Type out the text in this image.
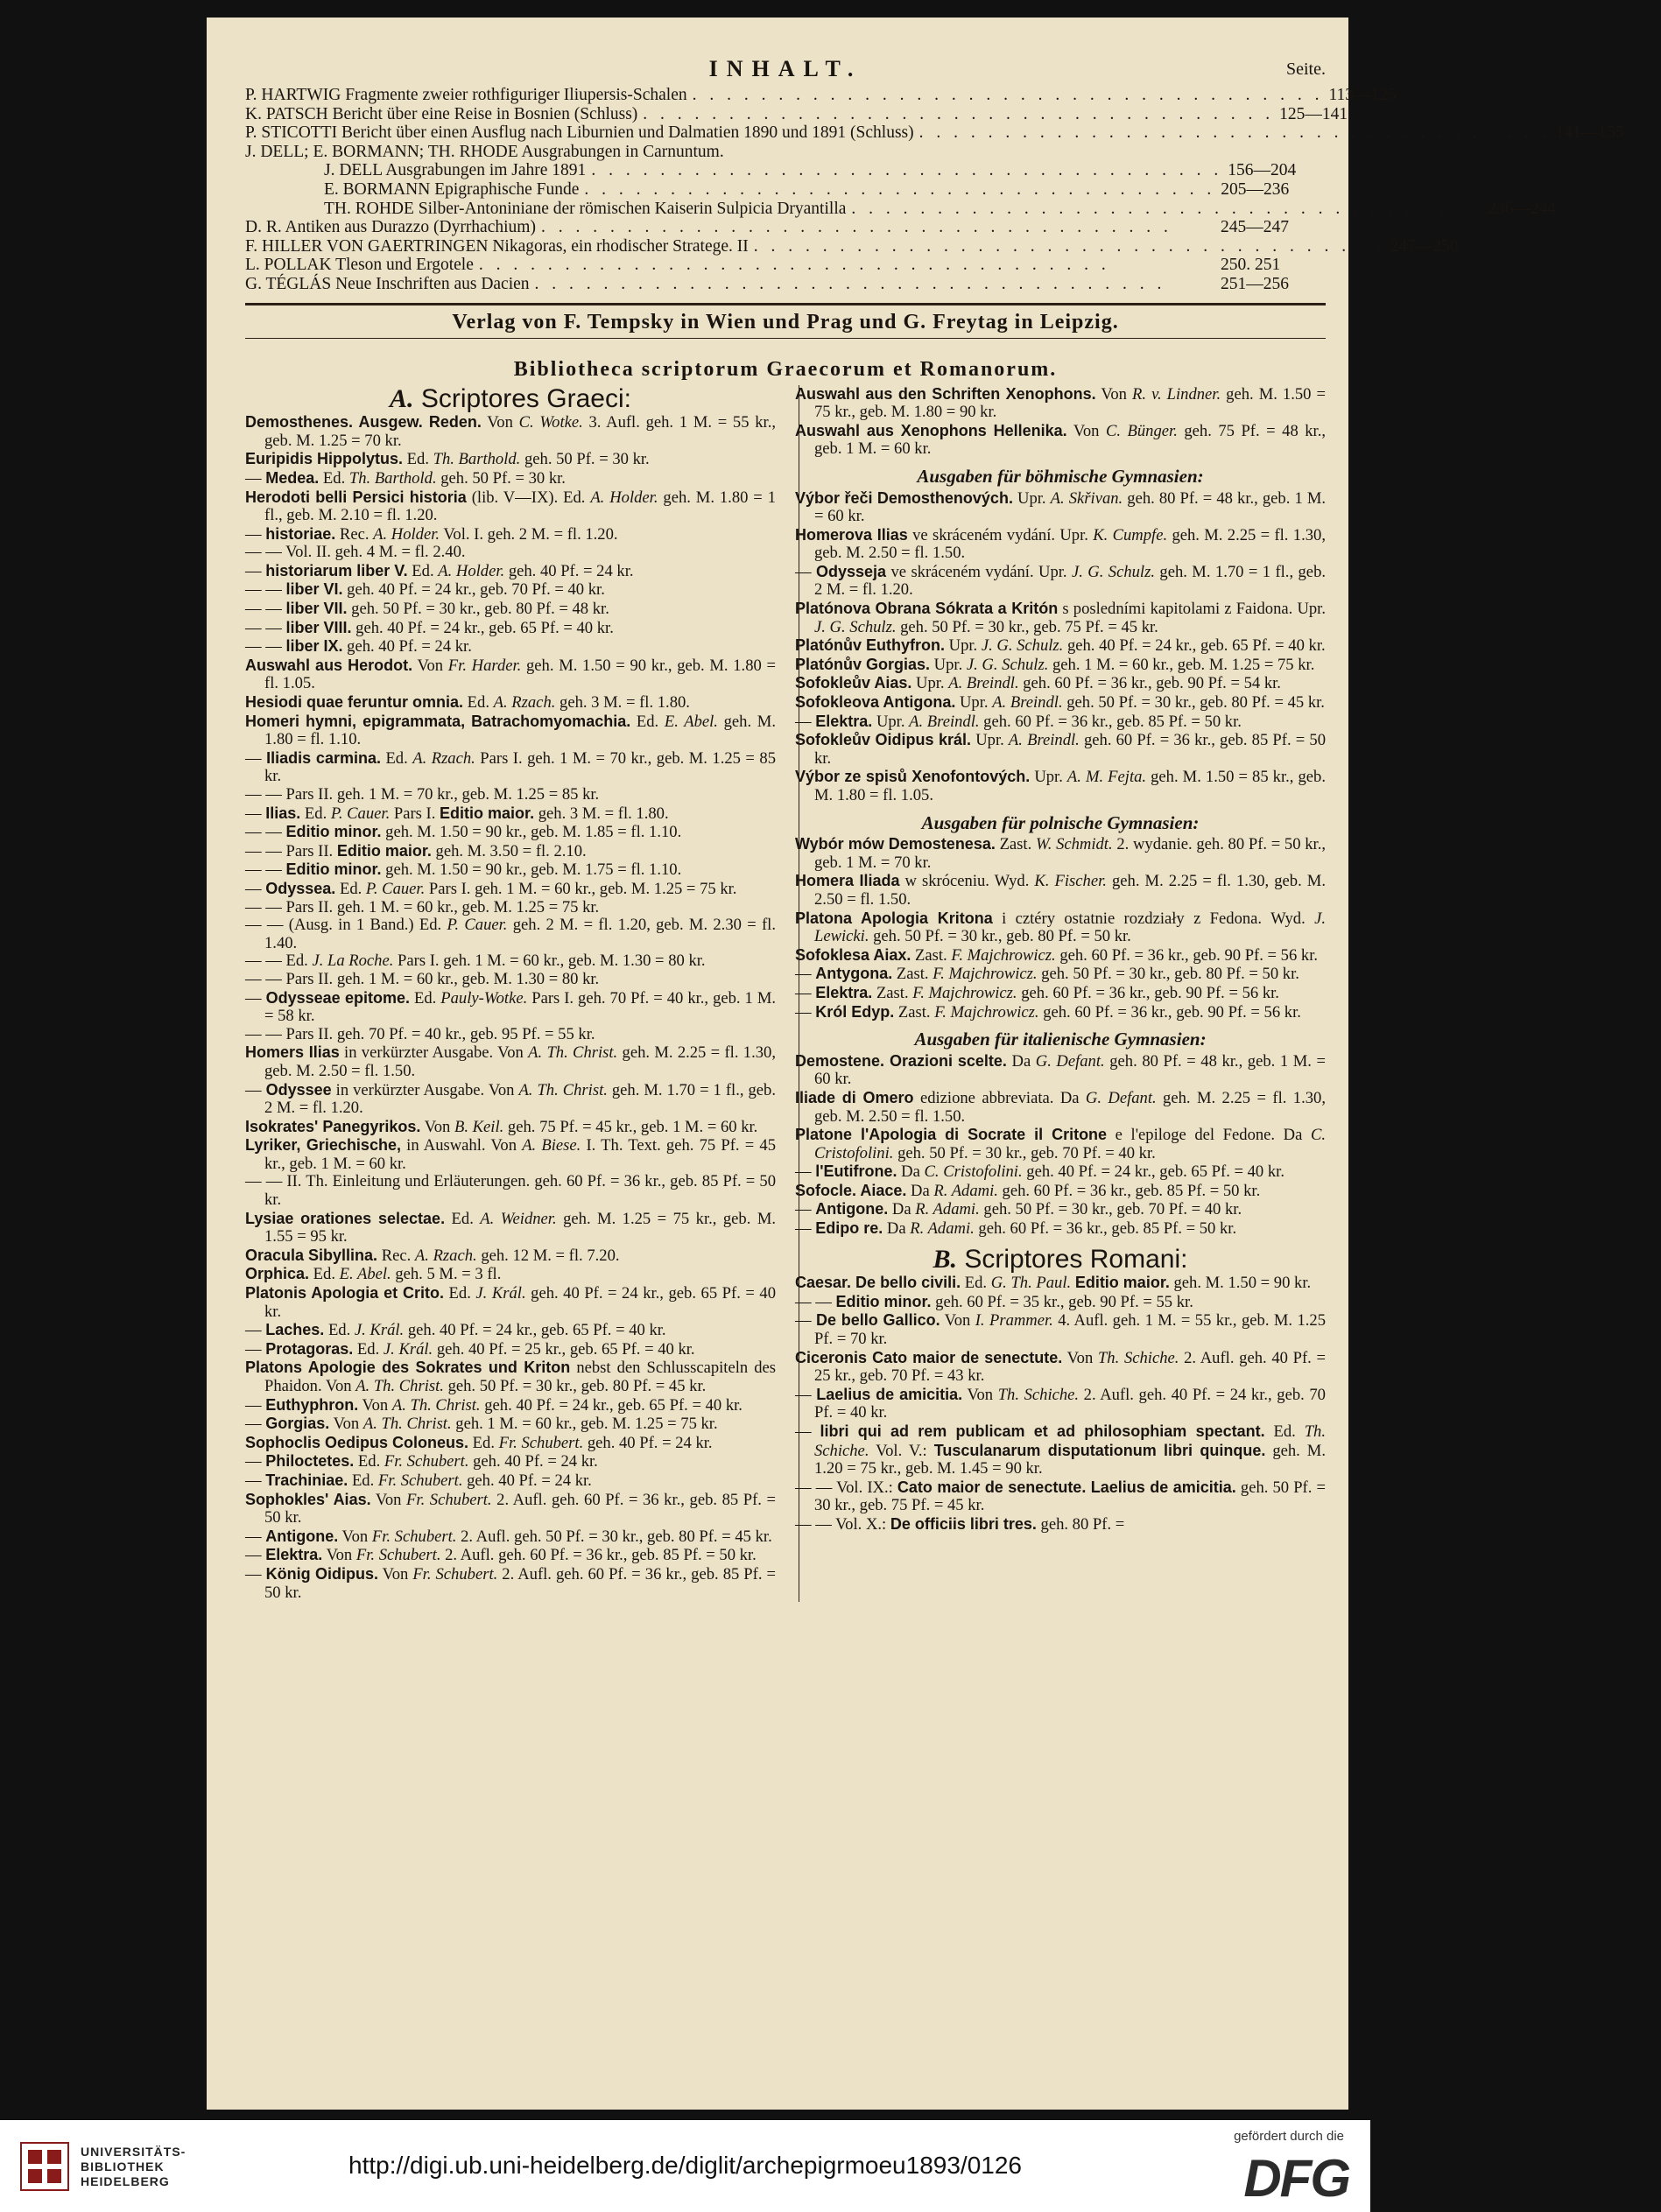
INHALT.	Seite.
P. HARTWIG Fragmente zweier rothfiguriger Iliupersis-Schalen . . . . . . . . . . . . . . . . . . . . . . . . . . . . . . . . . . . . . 113—125
K. PATSCH Bericht über eine Reise in Bosnien (Schluss) . . . . . . . . . . . . . . . . . . . . . . . . . . . . . . . . . . . . . 125—141
P. STICOTTI Bericht über einen Ausflug nach Liburnien und Dalmatien 1890 und 1891 (Schluss) . . . . . . . . . . . . . . . . . . . . . . . . . . . . . . . . . . . . . 141—155
J. DELL; E. BORMANN; TH. RHODE Ausgrabungen in Carnuntum.
J. DELL Ausgrabungen im Jahre 1891 . . . . . . . . . . . . . . . . . . . . . . . . . . . . . . . . . . . . . 156—204
E. BORMANN Epigraphische Funde . . . . . . . . . . . . . . . . . . . . . . . . . . . . . . . . . . . . . 205—236
TH. ROHDE Silber-Antoniniane der römischen Kaiserin Sulpicia Dryantilla . . . . . . . . . . . . . . . . . . . . . . . . . . . . . . . . . . . . . 236—244
D. R. Antiken aus Durazzo (Dyrrhachium) . . . . . . . . . . . . . . . . . . . . . . . . . . . . . . . . . . . . .	245—247
F. HILLER VON GAERTRINGEN Nikagoras, ein rhodischer Stratege. II . . . . . . . . . . . . . . . . . . . . . . . . . . . . . . . . . . . . . 247—250
L. POLLAK Tleson und Ergotele . . . . . . . . . . . . . . . . . . . . . . . . . . . . . . . . . . . . .	250. 251
G. TÉGLÁS Neue Inschriften aus Dacien . . . . . . . . . . . . . . . . . . . . . . . . . . . . . . . . . . . . .	251—256
Verlag von F. Tempsky in Wien und Prag und G. Freytag in Leipzig.
Bibliotheca scriptorum Graecorum et Romanorum.
A. Scriptores Graeci:

Demosthenes. Ausgew. Reden. Von C. Wotke. 3. Aufl. geh. 1 M. = 55 kr., geb. M. 1.25 = 70 kr.

Euripidis Hippolytus. Ed. Th. Barthold. geh. 50 Pf. = 30 kr.

— Medea. Ed. Th. Barthold. geh. 50 Pf. = 30 kr.

Herodoti belli Persici historia (lib. V—IX). Ed. A. Holder. geh. M. 1.80 = 1 fl., geb. M. 2.10 = fl. 1.20.

— historiae. Rec. A. Holder. Vol. I. geh. 2 M. = fl. 1.20.

— — Vol. II. geh. 4 M. = fl. 2.40.

— historiarum liber V. Ed. A. Holder. geh. 40 Pf. = 24 kr.

— — liber VI. geh. 40 Pf. = 24 kr., geb. 70 Pf. = 40 kr.

— — liber VII. geh. 50 Pf. = 30 kr., geb. 80 Pf. = 48 kr.

— — liber VIII. geh. 40 Pf. = 24 kr., geb. 65 Pf. = 40 kr.

— — liber IX. geh. 40 Pf. = 24 kr.

Auswahl aus Herodot. Von Fr. Harder. geh. M. 1.50 = 90 kr., geb. M. 1.80 = fl. 1.05.

Hesiodi quae feruntur omnia. Ed. A. Rzach. geh. 3 M. = fl. 1.80.

Homeri hymni, epigrammata, Batrachomyomachia. Ed. E. Abel. geh. M. 1.80 = fl. 1.10.

— Iliadis carmina. Ed. A. Rzach. Pars I. geh. 1 M. = 70 kr., geb. M. 1.25 = 85 kr.

— — Pars II. geh. 1 M. = 70 kr., geb. M. 1.25 = 85 kr.

— Ilias. Ed. P. Cauer. Pars I. Editio maior. geh. 3 M. = fl. 1.80.

— — Editio minor. geh. M. 1.50 = 90 kr., geb. M. 1.85 = fl. 1.10.

— — Pars II. Editio maior. geh. M. 3.50 = fl. 2.10.

— — Editio minor. geh. M. 1.50 = 90 kr., geb. M. 1.75 = fl. 1.10.

— Odyssea. Ed. P. Cauer. Pars I. geh. 1 M. = 60 kr., geb. M. 1.25 = 75 kr.

— — Pars II. geh. 1 M. = 60 kr., geb. M. 1.25 = 75 kr.

— — (Ausg. in 1 Band.) Ed. P. Cauer. geh. 2 M. = fl. 1.20, geb. M. 2.30 = fl. 1.40.

— — Ed. J. La Roche. Pars I. geh. 1 M. = 60 kr., geb. M. 1.30 = 80 kr.

— — Pars II. geh. 1 M. = 60 kr., geb. M. 1.30 = 80 kr.

— Odysseae epitome. Ed. Pauly-Wotke. Pars I. geh. 70 Pf. = 40 kr., geb. 1 M. = 58 kr.

— — Pars II. geh. 70 Pf. = 40 kr., geb. 95 Pf. = 55 kr.

Homers Ilias in verkürzter Ausgabe. Von A. Th. Christ. geh. M. 2.25 = fl. 1.30, geb. M. 2.50 = fl. 1.50.

— Odyssee in verkürzter Ausgabe. Von A. Th. Christ. geh. M. 1.70 = 1 fl., geb. 2 M. = fl. 1.20.

Isokrates' Panegyrikos. Von B. Keil. geh. 75 Pf. = 45 kr., geb. 1 M. = 60 kr.

Lyriker, Griechische, in Auswahl. Von A. Biese. I. Th. Text. geh. 75 Pf. = 45 kr., geb. 1 M. = 60 kr.

— — II. Th. Einleitung und Erläuterungen. geh. 60 Pf. = 36 kr., geb. 85 Pf. = 50 kr.

Lysiae orationes selectae. Ed. A. Weidner. geh. M. 1.25 = 75 kr., geb. M. 1.55 = 95 kr.

Oracula Sibyllina. Rec. A. Rzach. geh. 12 M. = fl. 7.20.

Orphica. Ed. E. Abel. geh. 5 M. = 3 fl.

Platonis Apologia et Crito. Ed. J. Král. geh. 40 Pf. = 24 kr., geb. 65 Pf. = 40 kr.

— Laches. Ed. J. Král. geh. 40 Pf. = 24 kr., geb. 65 Pf. = 40 kr.

— Protagoras. Ed. J. Král. geh. 40 Pf. = 25 kr., geb. 65 Pf. = 40 kr.

Platons Apologie des Sokrates und Kriton nebst den Schlusscapiteln des Phaidon. Von A. Th. Christ. geh. 50 Pf. = 30 kr., geb. 80 Pf. = 45 kr.

— Euthyphron. Von A. Th. Christ. geh. 40 Pf. = 24 kr., geb. 65 Pf. = 40 kr.

— Gorgias. Von A. Th. Christ. geh. 1 M. = 60 kr., geb. M. 1.25 = 75 kr.

Sophoclis Oedipus Coloneus. Ed. Fr. Schubert. geh. 40 Pf. = 24 kr.

— Philoctetes. Ed. Fr. Schubert. geh. 40 Pf. = 24 kr.

— Trachiniae. Ed. Fr. Schubert. geh. 40 Pf. = 24 kr.

Sophokles' Aias. Von Fr. Schubert. 2. Aufl. geh. 60 Pf. = 36 kr., geb. 85 Pf. = 50 kr.

— Antigone. Von Fr. Schubert. 2. Aufl. geh. 50 Pf. = 30 kr., geb. 80 Pf. = 45 kr.

— Elektra. Von Fr. Schubert. 2. Aufl. geh. 60 Pf. = 36 kr., geb. 85 Pf. = 50 kr.

— König Oidipus. Von Fr. Schubert. 2. Aufl. geh. 60 Pf. = 36 kr., geb. 85 Pf. = 50 kr.

Auswahl aus den Schriften Xenophons. Von R. v. Lindner. geh. M. 1.50 = 75 kr., geb. M. 1.80 = 90 kr.

Auswahl aus Xenophons Hellenika. Von C. Bünger. geh. 75 Pf. = 48 kr., geb. 1 M. = 60 kr.

Ausgaben für böhmische Gymnasien:

Výbor řeči Demosthenových. Upr. A. Skřivan. geh. 80 Pf. = 48 kr., geb. 1 M. = 60 kr.

Homerova Ilias ve skráceném vydání. Upr. K. Cumpfe. geh. M. 2.25 = fl. 1.30, geb. M. 2.50 = fl. 1.50.

— Odysseja ve skráceném vydání. Upr. J. G. Schulz. geh. M. 1.70 = 1 fl., geb. 2 M. = fl. 1.20.

Platónova Obrana Sókrata a Kritón s posledními kapitolami z Faidona. Upr. J. G. Schulz. geh. 50 Pf. = 30 kr., geb. 75 Pf. = 45 kr.

Platónův Euthyfron. Upr. J. G. Schulz. geh. 40 Pf. = 24 kr., geb. 65 Pf. = 40 kr.

Platónův Gorgias. Upr. J. G. Schulz. geh. 1 M. = 60 kr., geb. M. 1.25 = 75 kr.

Sofokleův Aias. Upr. A. Breindl. geh. 60 Pf. = 36 kr., geb. 90 Pf. = 54 kr.

Sofokleova Antigona. Upr. A. Breindl. geh. 50 Pf. = 30 kr., geb. 80 Pf. = 45 kr.

— Elektra. Upr. A. Breindl. geh. 60 Pf. = 36 kr., geb. 85 Pf. = 50 kr.

Sofokleův Oidipus král. Upr. A. Breindl. geh. 60 Pf. = 36 kr., geb. 85 Pf. = 50 kr.

Výbor ze spisů Xenofontových. Upr. A. M. Fejta. geh. M. 1.50 = 85 kr., geb. M. 1.80 = fl. 1.05.

Ausgaben für polnische Gymnasien:

Wybór mów Demostenesa. Zast. W. Schmidt. 2. wydanie. geh. 80 Pf. = 50 kr., geb. 1 M. = 70 kr.

Homera Iliada w skróceniu. Wyd. K. Fischer. geh. M. 2.25 = fl. 1.30, geb. M. 2.50 = fl. 1.50.

Platona Apologia Kritona i cztéry ostatnie rozdziały z Fedona. Wyd. J. Lewicki. geh. 50 Pf. = 30 kr., geb. 80 Pf. = 50 kr.

Sofoklesa Aiax. Zast. F. Majchrowicz. geh. 60 Pf. = 36 kr., geb. 90 Pf. = 56 kr.

— Antygona. Zast. F. Majchrowicz. geh. 50 Pf. = 30 kr., geb. 80 Pf. = 50 kr.

— Elektra. Zast. F. Majchrowicz. geh. 60 Pf. = 36 kr., geb. 90 Pf. = 56 kr.

— Król Edyp. Zast. F. Majchrowicz. geh. 60 Pf. = 36 kr., geb. 90 Pf. = 56 kr.

Ausgaben für italienische Gymnasien:

Demostene. Orazioni scelte. Da G. Defant. geh. 80 Pf. = 48 kr., geb. 1 M. = 60 kr.

Iliade di Omero edizione abbreviata. Da G. Defant. geh. M. 2.25 = fl. 1.30, geb. M. 2.50 = fl. 1.50.

Platone l'Apologia di Socrate il Critone e l'epiloge del Fedone. Da C. Cristofolini. geh. 50 Pf. = 30 kr., geb. 70 Pf. = 40 kr.

— l'Eutifrone. Da C. Cristofolini. geh. 40 Pf. = 24 kr., geb. 65 Pf. = 40 kr.

Sofocle. Aiace. Da R. Adami. geh. 60 Pf. = 36 kr., geb. 85 Pf. = 50 kr.

— Antigone. Da R. Adami. geh. 50 Pf. = 30 kr., geb. 70 Pf. = 40 kr.

— Edipo re. Da R. Adami. geh. 60 Pf. = 36 kr., geb. 85 Pf. = 50 kr.

B. Scriptores Romani:

Caesar. De bello civili. Ed. G. Th. Paul. Editio maior. geh. M. 1.50 = 90 kr.

— — Editio minor. geh. 60 Pf. = 35 kr., geb. 90 Pf. = 55 kr.

— De bello Gallico. Von I. Prammer. 4. Aufl. geh. 1 M. = 55 kr., geb. M. 1.25 Pf. = 70 kr.

Ciceronis Cato maior de senectute. Von Th. Schiche. 2. Aufl. geh. 40 Pf. = 25 kr., geb. 70 Pf. = 43 kr.

— Laelius de amicitia. Von Th. Schiche. 2. Aufl. geh. 40 Pf. = 24 kr., geb. 70 Pf. = 40 kr.

— libri qui ad rem publicam et ad philosophiam spectant. Ed. Th. Schiche. Vol. V.: Tusculanarum disputationum libri quinque. geh. M. 1.20 = 75 kr., geb. M. 1.45 = 90 kr.

— — Vol. IX.: Cato maior de senectute. Laelius de amicitia. geh. 50 Pf. = 30 kr., geb. 75 Pf. = 45 kr.

— — Vol. X.: De officiis libri tres. geh. 80 Pf. =

UNIVERSITÄTS-
BIBLIOTHEK
HEIDELBERG
http://digi.ub.uni-heidelberg.de/diglit/archepigrmoeu1893/0126
gefördert durch die
DFG
